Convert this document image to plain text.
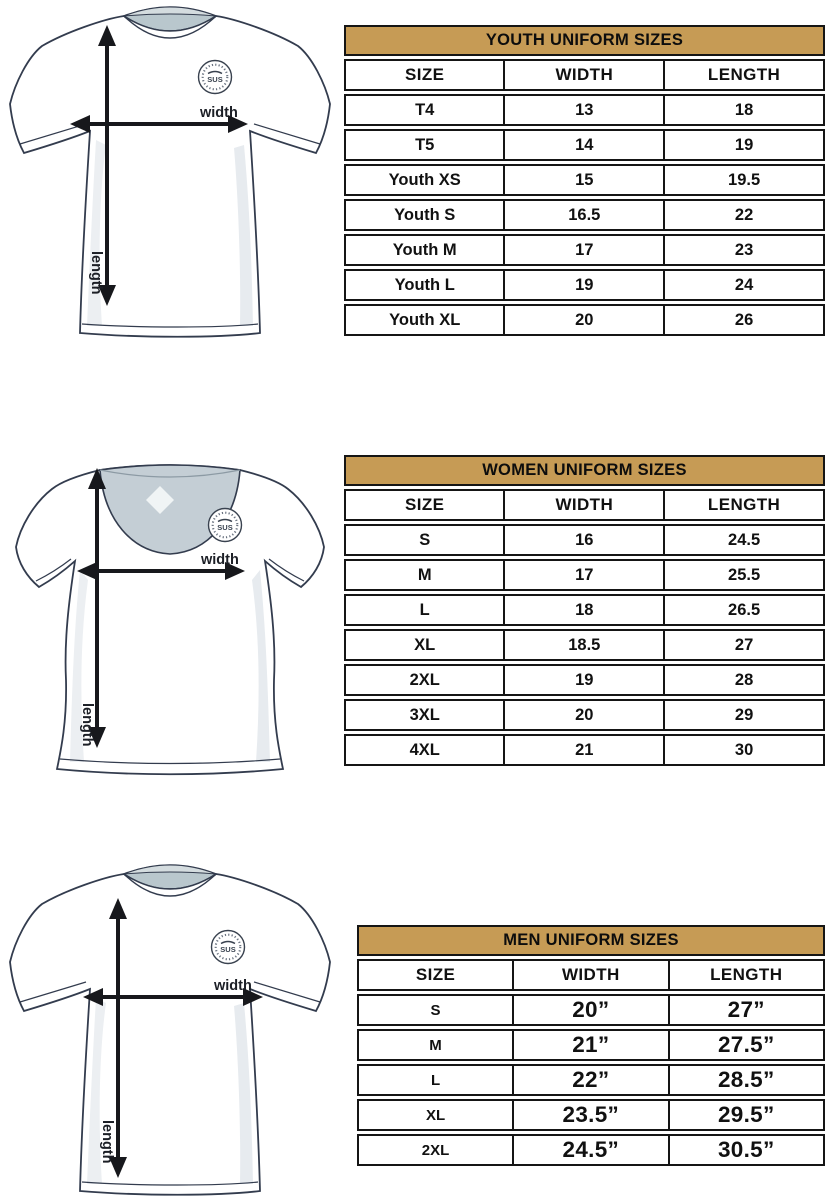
SUS
length
width
YOUTH UNIFORM SIZES
SIZE	WIDTH	LENGTH
T4	13	18
T5	14	19
Youth XS	15	19.5
Youth S	16.5	22
Youth M	17	23
Youth L	19	24
Youth XL	20	26
SUS
length
width
WOMEN UNIFORM SIZES
SIZE	WIDTH	LENGTH
S	16	24.5
M	17	25.5
L	18	26.5
XL	18.5	27
2XL	19	28
3XL	20	29
4XL	21	30
SUS
length
width
MEN UNIFORM SIZES
SIZE	WIDTH	LENGTH
S	20”	27”
M	21”	27.5”
L	22”	28.5”
XL	23.5”	29.5”
2XL	24.5”	30.5”
